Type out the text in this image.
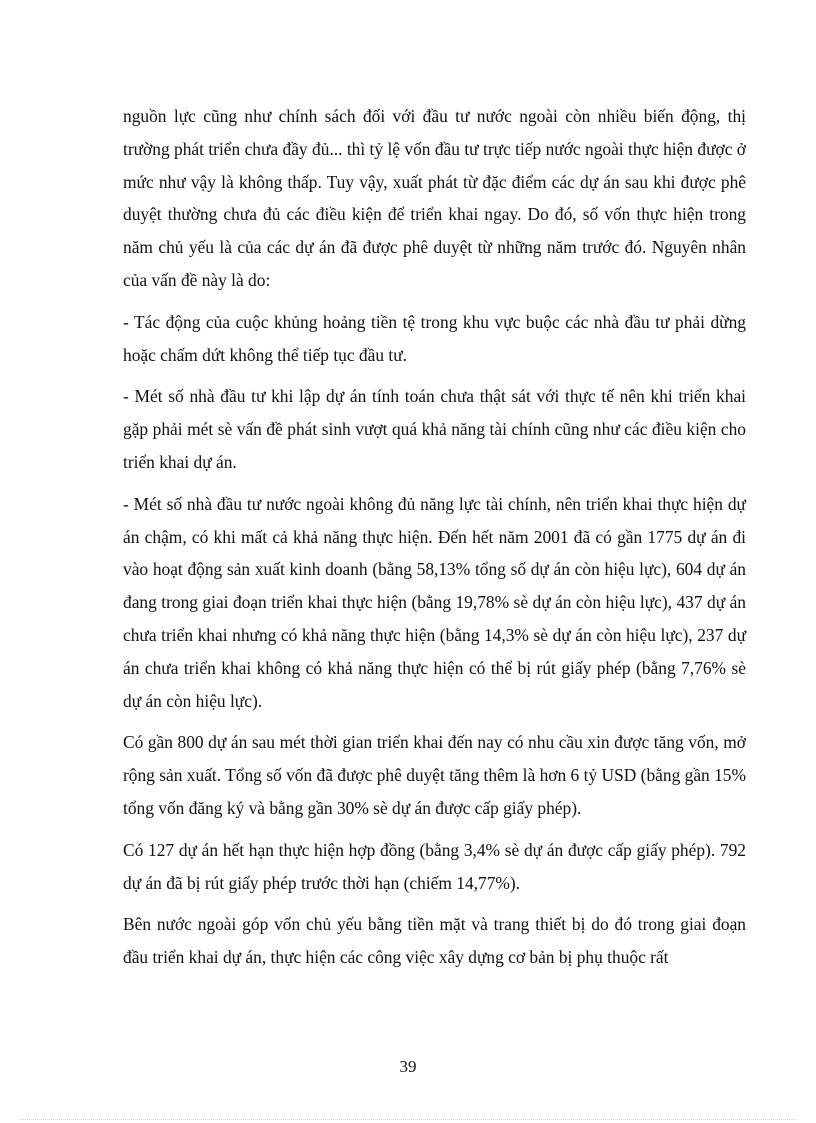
nguồn lực cũng như chính sách đối với đầu tư nước ngoài còn nhiều biến động, thị trường phát triển chưa đầy đủ... thì tỷ lệ vốn đầu tư trực tiếp nước ngoài thực hiện được ở mức như vậy là không thấp. Tuy vậy, xuất phát từ đặc điểm các dự án sau khi được phê duyệt thường chưa đủ các điều kiện để triển khai ngay. Do đó, số vốn thực hiện trong năm chủ yếu là của các dự án đã được phê duyệt từ những năm trước đó. Nguyên nhân của vấn đề này là do:

- Tác động của cuộc khủng hoảng tiền tệ trong khu vực buộc các nhà đầu tư phải dừng hoặc chấm dứt không thể tiếp tục đầu tư.

- Mét số nhà đầu tư khi lập dự án tính toán chưa thật sát với thực tế nên khi triển khai gặp phải mét sè vấn đề phát sinh vượt quá khả năng tài chính cũng như các điều kiện cho triển khai dự án.

- Mét số nhà đầu tư nước ngoài không đủ năng lực tài chính, nên triển khai thực hiện dự án chậm, có khi mất cả khả năng thực hiện. Đến hết năm 2001 đã có gần 1775 dự án đi vào hoạt động sản xuất kinh doanh (bằng 58,13% tổng số dự án còn hiệu lực), 604 dự án đang trong giai đoạn triển khai thực hiện (bằng 19,78% sè dự án còn hiệu lực), 437 dự án chưa triển khai nhưng có khả năng thực hiện (bằng 14,3% sè dự án còn hiệu lực), 237 dự án chưa triển khai không có khả năng thực hiện có thể bị rút giấy phép (bằng 7,76% sè dự án còn hiệu lực).

Có gần 800 dự án sau mét thời gian triển khai đến nay có nhu cầu xin được tăng vốn, mở rộng sản xuất. Tổng số vốn đã được phê duyệt tăng thêm là hơn 6 tỷ USD (bằng gần 15% tổng vốn đăng ký và bằng gần 30% sè dự án được cấp giấy phép).

Có 127 dự án hết hạn thực hiện hợp đồng (bằng 3,4% sè dự án được cấp giấy phép). 792 dự án đã bị rút giấy phép trước thời hạn (chiếm 14,77%).

Bên nước ngoài góp vốn chủ yếu bằng tiền mặt và trang thiết bị do đó trong giai đoạn đầu triển khai dự án, thực hiện các công việc xây dựng cơ bản bị phụ thuộc rất

39
